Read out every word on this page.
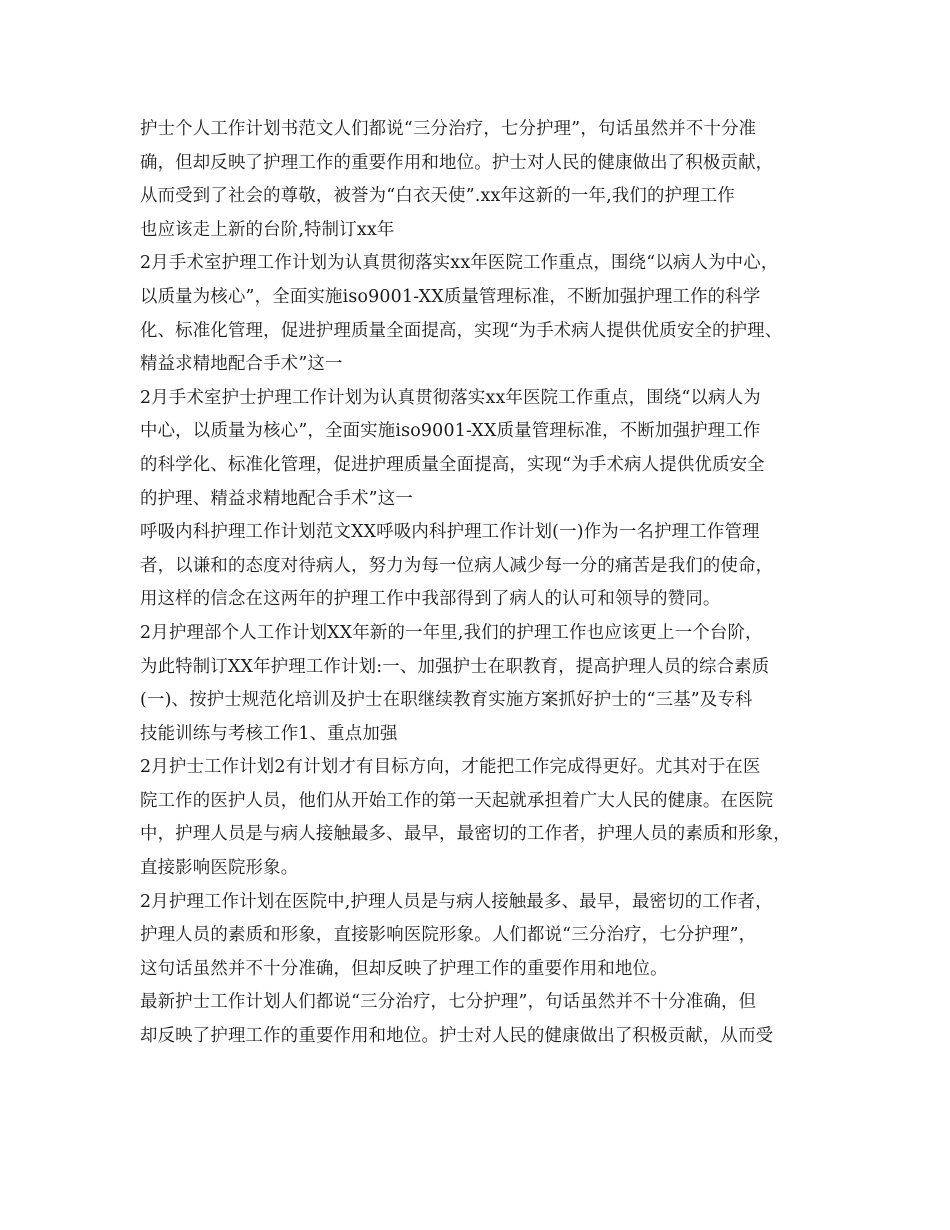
护士个人工作计划书范文人们都说“三分治疗，七分护理”，句话虽然并不十分准
确，但却反映了护理工作的重要作用和地位。护士对人民的健康做出了积极贡献，
从而受到了社会的尊敬，被誉为“白衣天使”.xx年这新的一年,我们的护理工作
也应该走上新的台阶,特制订xx年
2月手术室护理工作计划为认真贯彻落实xx年医院工作重点，围绕“以病人为中心，
以质量为核心”，全面实施iso9001-XX质量管理标准，不断加强护理工作的科学
化、标准化管理，促进护理质量全面提高，实现“为手术病人提供优质安全的护理、
精益求精地配合手术”这一
2月手术室护士护理工作计划为认真贯彻落实xx年医院工作重点，围绕“以病人为
中心，以质量为核心”，全面实施iso9001-XX质量管理标准，不断加强护理工作
的科学化、标准化管理，促进护理质量全面提高，实现“为手术病人提供优质安全
的护理、精益求精地配合手术”这一
呼吸内科护理工作计划范文XX呼吸内科护理工作计划(一)作为一名护理工作管理
者，以谦和的态度对待病人，努力为每一位病人减少每一分的痛苦是我们的使命，
用这样的信念在这两年的护理工作中我部得到了病人的认可和领导的赞同。
2月护理部个人工作计划XX年新的一年里,我们的护理工作也应该更上一个台阶，
为此特制订XX年护理工作计划:一、加强护士在职教育，提高护理人员的综合素质
(一)、按护士规范化培训及护士在职继续教育实施方案抓好护士的“三基”及专科
技能训练与考核工作1、重点加强
2月护士工作计划2有计划才有目标方向，才能把工作完成得更好。尤其对于在医
院工作的医护人员，他们从开始工作的第一天起就承担着广大人民的健康。在医院
中，护理人员是与病人接触最多、最早，最密切的工作者，护理人员的素质和形象，
直接影响医院形象。
2月护理工作计划在医院中,护理人员是与病人接触最多、最早，最密切的工作者，
护理人员的素质和形象，直接影响医院形象。人们都说“三分治疗，七分护理”，
这句话虽然并不十分准确，但却反映了护理工作的重要作用和地位。
最新护士工作计划人们都说“三分治疗，七分护理”，句话虽然并不十分准确，但
却反映了护理工作的重要作用和地位。护士对人民的健康做出了积极贡献，从而受
